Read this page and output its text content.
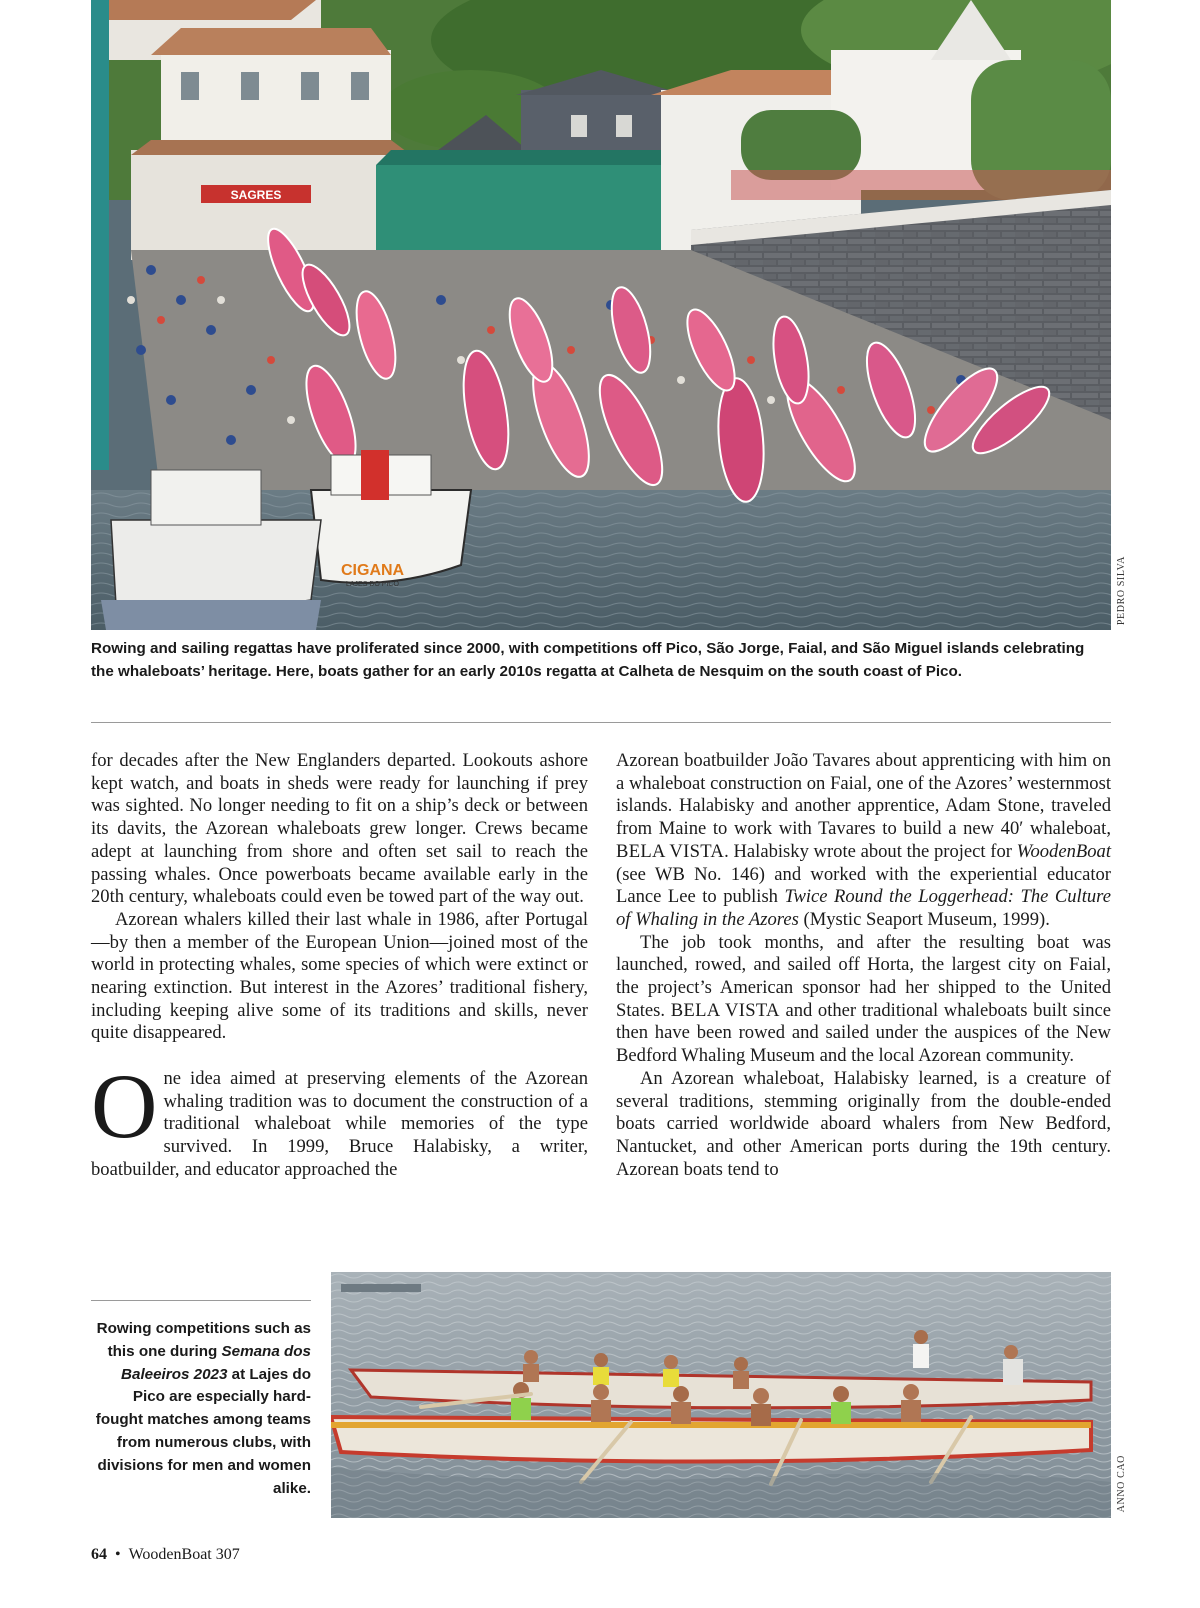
SAGRES
CIGANA
LAJES DO PICO	PEDRO SILVA
Rowing and sailing regattas have proliferated since 2000, with competitions off Pico, São Jorge, Faial, and São Miguel islands celebrating the whaleboats’ heritage. Here, boats gather for an early 2010s regatta at Calheta de Nesquim on the south coast of Pico.

for decades after the New Englanders departed. Lookouts ashore kept watch, and boats in sheds were ready for launching if prey was sighted. No longer needing to fit on a ship’s deck or between its davits, the Azorean whaleboats grew longer. Crews became adept at launching from shore and often set sail to reach the passing whales. Once powerboats became available early in the 20th century, whaleboats could even be towed part of the way out.

Azorean whalers killed their last whale in 1986, after Portugal—by then a member of the European Union—joined most of the world in protecting whales, some species of which were extinct or nearing extinction. But interest in the Azores’ traditional fishery, including keeping alive some of its traditions and skills, never quite disappeared.

One idea aimed at preserving elements of the Azorean whaling tradition was to document the construction of a traditional whaleboat while memories of the type survived. In 1999, Bruce Halabisky, a writer, boatbuilder, and educator approached the

Azorean boatbuilder João Tavares about apprenticing with him on a whaleboat construction on Faial, one of the Azores’ westernmost islands. Halabisky and another apprentice, Adam Stone, traveled from Maine to work with Tavares to build a new 40′ whaleboat, BELA VISTA. Halabisky wrote about the project for WoodenBoat (see WB No. 146) and worked with the experiential educator Lance Lee to publish Twice Round the Loggerhead: The Culture of Whaling in the Azores (Mystic Seaport Museum, 1999).

The job took months, and after the resulting boat was launched, rowed, and sailed off Horta, the largest city on Faial, the project’s American sponsor had her shipped to the United States. BELA VISTA and other traditional whaleboats built since then have been rowed and sailed under the auspices of the New Bedford Whaling Museum and the local Azorean community.

An Azorean whaleboat, Halabisky learned, is a creature of several traditions, stemming originally from the double-ended boats carried worldwide aboard whalers from New Bedford, Nantucket, and other American ports during the 19th century. Azorean boats tend to

Rowing competitions such as this one during Semana dos Baleeiros 2023 at Lajes do Pico are especially hard-fought matches among teams from numerous clubs, with divisions for men and women alike.	ANNO CAO
64 • WoodenBoat 307
